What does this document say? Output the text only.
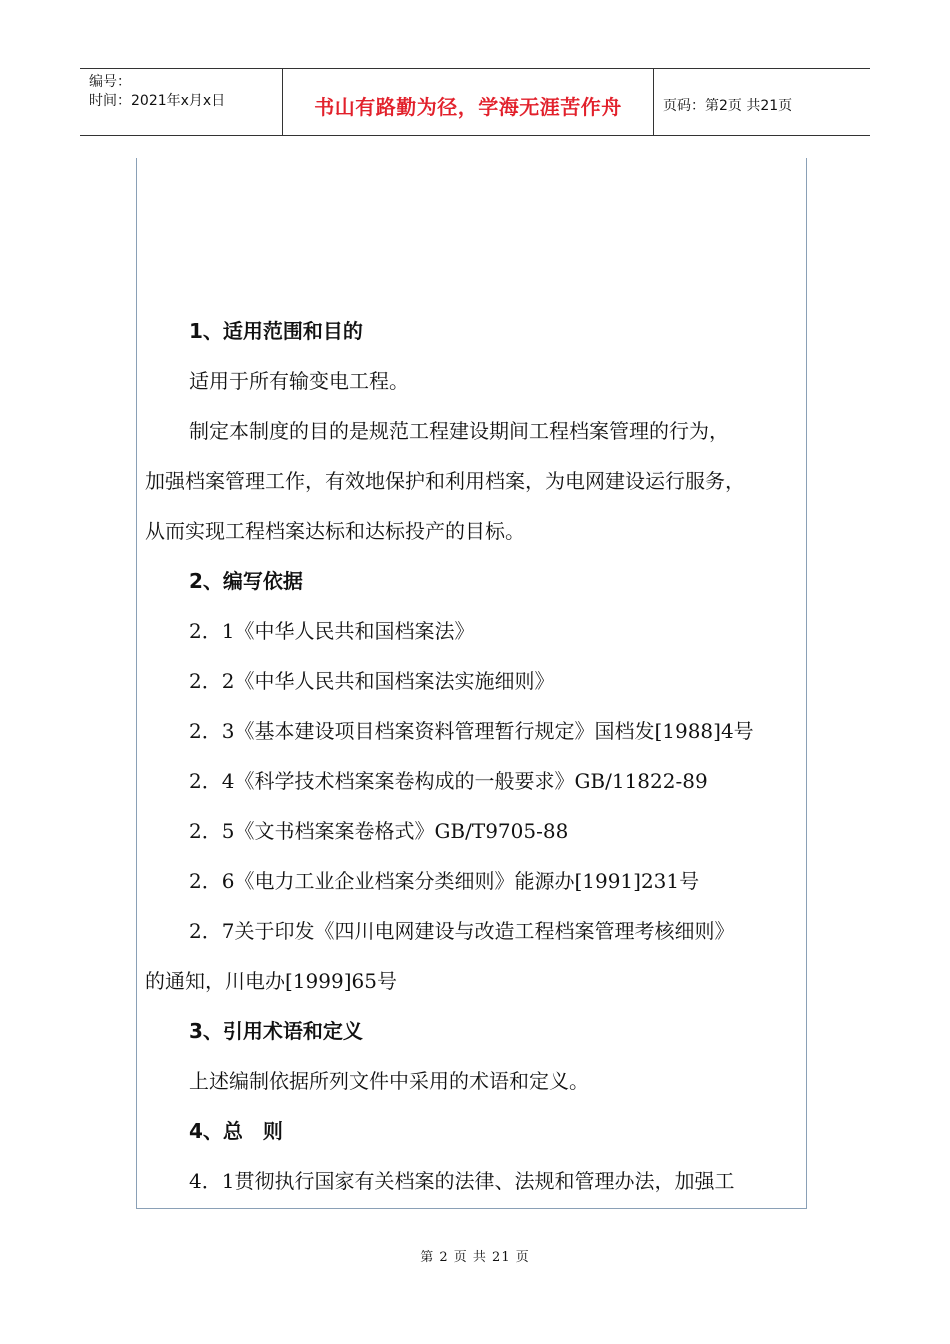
编号：
时间：2021年x月x日	书山有路勤为径，学海无涯苦作舟	页码：第2页 共21页
1、适用范围和目的
适用于所有输变电工程。
制定本制度的目的是规范工程建设期间工程档案管理的行为，
加强档案管理工作，有效地保护和利用档案，为电网建设运行服务，
从而实现工程档案达标和达标投产的目标。
2、编写依据
2．1《中华人民共和国档案法》
2．2《中华人民共和国档案法实施细则》
2．3《基本建设项目档案资料管理暂行规定》国档发[1988]4号
2．4《科学技术档案案卷构成的一般要求》GB/11822-89
2．5《文书档案案卷格式》GB/T9705-88
2．6《电力工业企业档案分类细则》能源办[1991]231号
2．7关于印发《四川电网建设与改造工程档案管理考核细则》
的通知，川电办[1999]65号
3、引用术语和定义
上述编制依据所列文件中采用的术语和定义。
4、总　则
4．1贯彻执行国家有关档案的法律、法规和管理办法，加强工
第 2 页 共 21 页
